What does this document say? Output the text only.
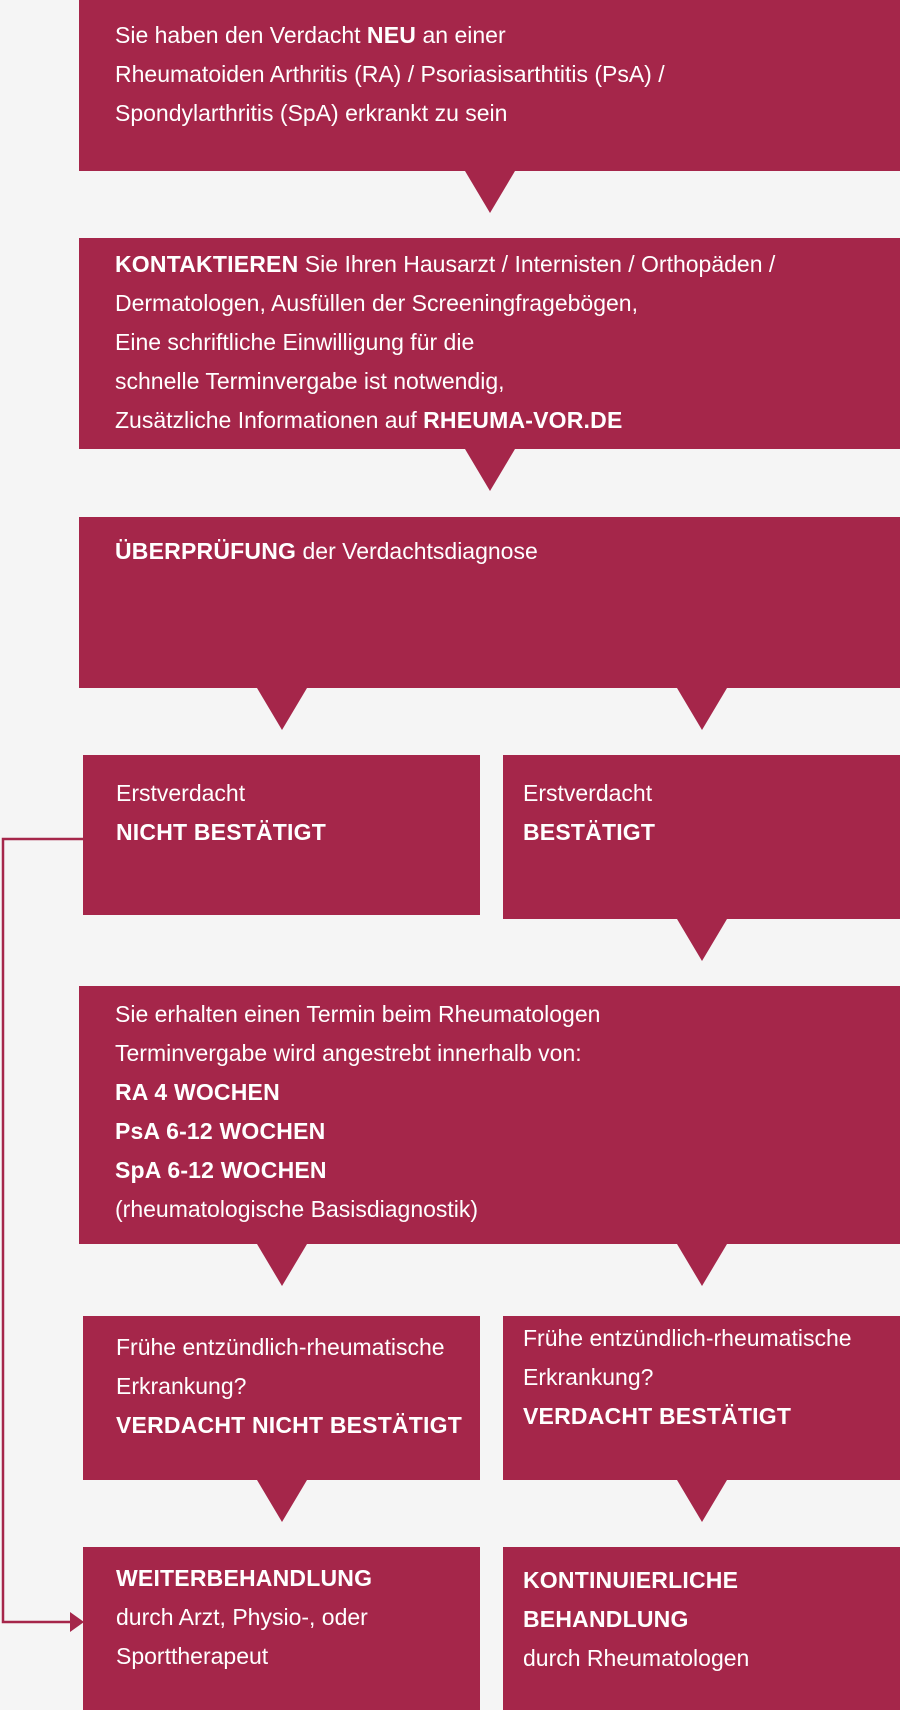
Sie haben den Verdacht NEU an einer

Rheumatoiden Arthritis (RA) / Psoriasisarthtitis (PsA) /

Spondylarthritis (SpA) erkrankt zu sein

KONTAKTIEREN Sie Ihren Hausarzt / Internisten / Orthopäden /

Dermatologen, Ausfüllen der Screeningfragebögen,

Eine schriftliche Einwilligung für die

schnelle Terminvergabe ist notwendig,

Zusätzliche Informationen auf RHEUMA-VOR.DE

ÜBERPRÜFUNG der Verdachtsdiagnose

Erstverdacht

NICHT BESTÄTIGT

Erstverdacht

BESTÄTIGT

Sie erhalten einen Termin beim Rheumatologen

Terminvergabe wird angestrebt innerhalb von:

RA 4 WOCHEN

PsA 6-12 WOCHEN

SpA 6-12 WOCHEN

(rheumatologische Basisdiagnostik)

Frühe entzündlich-rheumatische

Erkrankung?

VERDACHT NICHT BESTÄTIGT

Frühe entzündlich-rheumatische

Erkrankung?

VERDACHT BESTÄTIGT

WEITERBEHANDLUNG

durch Arzt, Physio-, oder

Sporttherapeut

KONTINUIERLICHE

BEHANDLUNG

durch Rheumatologen
